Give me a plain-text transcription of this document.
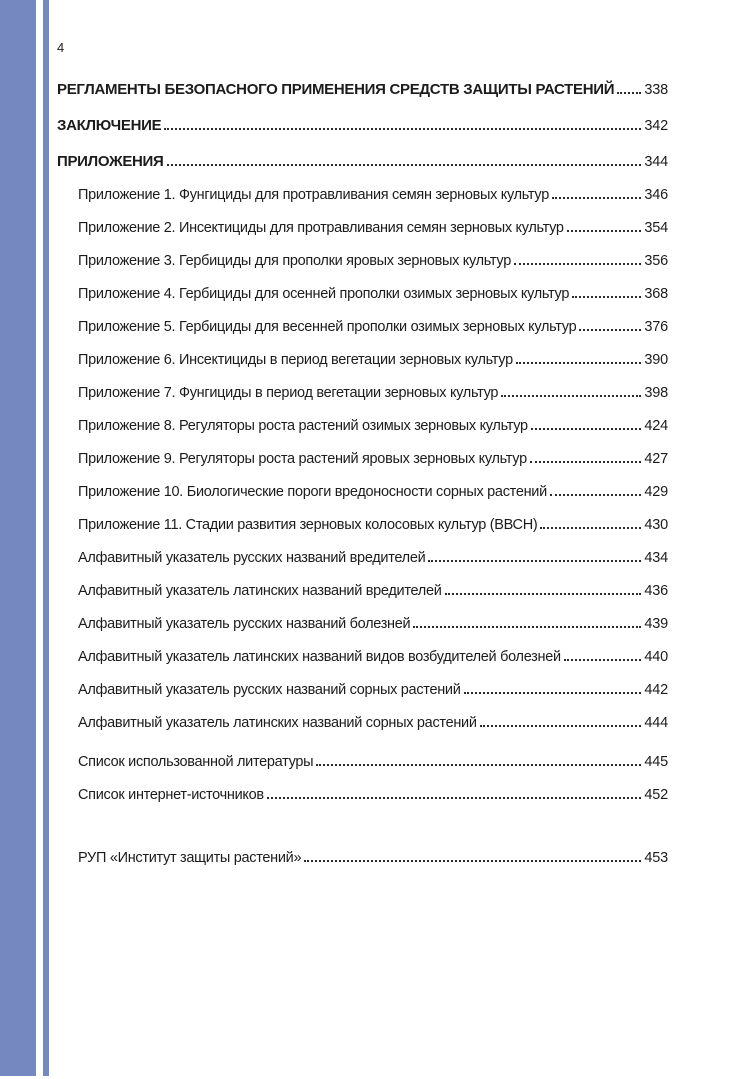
4
РЕГЛАМЕНТЫ БЕЗОПАСНОГО ПРИМЕНЕНИЯ СРЕДСТВ ЗАЩИТЫ РАСТЕНИЙ 338
ЗАКЛЮЧЕНИЕ	342
ПРИЛОЖЕНИЯ	344
Приложение 1. Фунгициды для протравливания семян зерновых культур	346
Приложение 2. Инсектициды для протравливания семян зерновых культур	354
Приложение 3. Гербициды для прополки яровых зерновых культур	356
Приложение 4. Гербициды для осенней прополки озимых зерновых культур	368
Приложение 5. Гербициды для весенней прополки озимых зерновых культур	376
Приложение 6. Инсектициды в период вегетации зерновых культур	390
Приложение 7. Фунгициды в период вегетации зерновых культур	398
Приложение 8. Регуляторы роста растений озимых зерновых культур	424
Приложение 9. Регуляторы роста растений яровых зерновых культур	427
Приложение 10. Биологические пороги вредоносности сорных растений	429
Приложение 11. Стадии развития зерновых колосовых культур (ВВСН)	430
Алфавитный указатель русских названий вредителей	434
Алфавитный указатель латинских названий вредителей	436
Алфавитный указатель русских названий болезней	439
Алфавитный указатель латинских названий видов возбудителей болезней	440
Алфавитный указатель русских названий сорных растений	442
Алфавитный указатель латинских названий сорных растений	444
Список использованной литературы	445
Список интернет-источников	452
РУП «Институт защиты растений»	453
